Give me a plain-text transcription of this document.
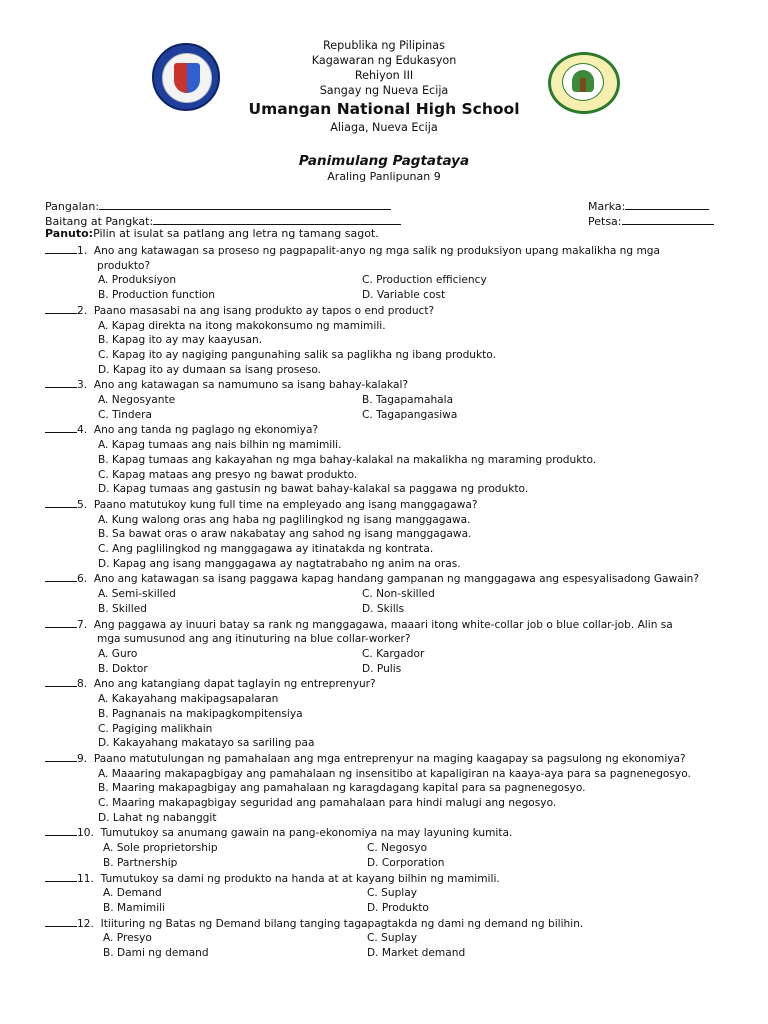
Republika ng Pilipinas
Kagawaran ng Edukasyon
Rehiyon III
Sangay ng Nueva Ecija
Umangan National High School
Aliaga, Nueva Ecija
Panimulang Pagtataya
Araling Panlipunan 9
Pangalan:	Marka:
Baitang at Pangkat:	Petsa:
Panuto:Pilin at isulat sa patlang ang letra ng tamang sagot.
1. Ano ang katawagan sa proseso ng pagpapalit-anyo ng mga salik ng produksiyon upang makalikha ng mga
produkto?
A. Produksiyon	C. Production efficiency
B. Production function	D. Variable cost
2. Paano masasabi na ang isang produkto ay tapos o end product?
A. Kapag direkta na itong makokonsumo ng mamimili.
B. Kapag ito ay may kaayusan.
C. Kapag ito ay nagiging pangunahing salik sa paglikha ng ibang produkto.
D. Kapag ito ay dumaan sa isang proseso.
3. Ano ang katawagan sa namumuno sa isang bahay-kalakal?
A. Negosyante	B. Tagapamahala
C. Tindera	C. Tagapangasiwa
4. Ano ang tanda ng paglago ng ekonomiya?
A. Kapag tumaas ang nais bilhin ng mamimili.
B. Kapag tumaas ang kakayahan ng mga bahay-kalakal na makalikha ng maraming produkto.
C. Kapag mataas ang presyo ng bawat produkto.
D. Kapag tumaas ang gastusin ng bawat bahay-kalakal sa paggawa ng produkto.
5. Paano matutukoy kung full time na empleyado ang isang manggagawa?
A. Kung walong oras ang haba ng paglilingkod ng isang manggagawa.
B. Sa bawat oras o araw nakabatay ang sahod ng isang manggagawa.
C. Ang paglilingkod ng manggagawa ay itinatakda ng kontrata.
D. Kapag ang isang manggagawa ay nagtatrabaho ng anim na oras.
6. Ano ang katawagan sa isang paggawa kapag handang gampanan ng manggagawa ang espesyalisadong Gawain?
A. Semi-skilled	C. Non-skilled
B. Skilled	D. Skills
7. Ang paggawa ay inuuri batay sa rank ng manggagawa, maaari itong white-collar job o blue collar-job. Alin sa
mga sumusunod ang ang itinuturing na blue collar-worker?
A. Guro	C. Kargador
B. Doktor	D. Pulis
8. Ano ang katangiang dapat taglayin ng entreprenyur?
A. Kakayahang makipagsapalaran
B. Pagnanais na makipagkompitensiya
C. Pagiging malikhain
D. Kakayahang makatayo sa sariling paa
9. Paano matutulungan ng pamahalaan ang mga entreprenyur na maging kaagapay sa pagsulong ng ekonomiya?
A. Maaaring makapagbigay ang pamahalaan ng insensitibo at kapaligiran na kaaya-aya para sa pagnenegosyo.
B. Maaring makapagbigay ang pamahalaan ng karagdagang kapital para sa pagnenegosyo.
C. Maaring makapagbigay seguridad ang pamahalaan para hindi malugi ang negosyo.
D. Lahat ng nabanggit
10. Tumutukoy sa anumang gawain na pang-ekonomiya na may layuning kumita.
A. Sole proprietorship	C. Negosyo
B. Partnership	D. Corporation
11. Tumutukoy sa dami ng produkto na handa at at kayang bilhin ng mamimili.
A. Demand	C. Suplay
B. Mamimili	D. Produkto
12. Itiituring ng Batas ng Demand bilang tanging tagapagtakda ng dami ng demand ng bilihin.
A. Presyo	C. Suplay
B. Dami ng demand	D. Market demand
